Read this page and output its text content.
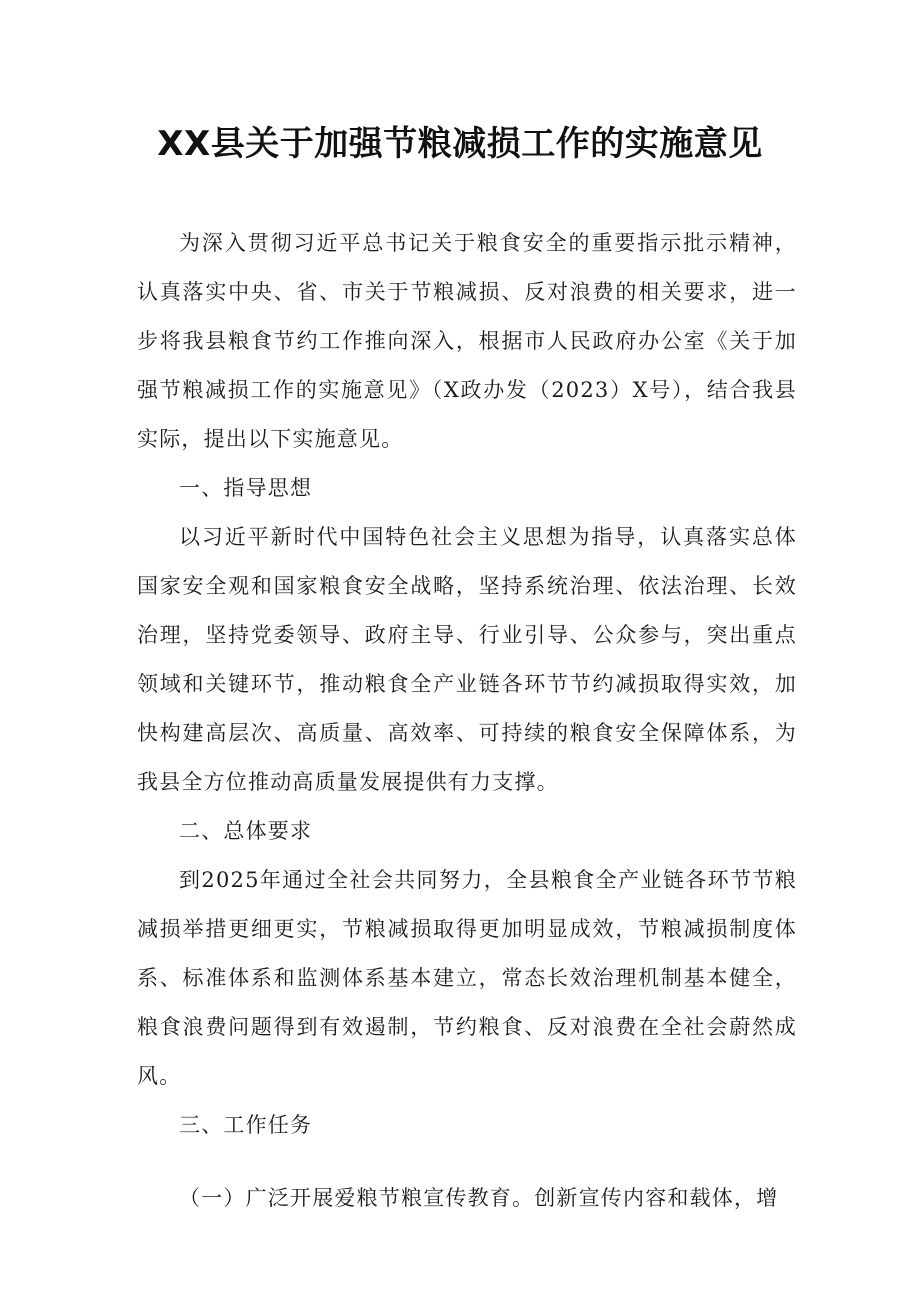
XX县关于加强节粮减损工作的实施意见

为深入贯彻习近平总书记关于粮食安全的重要指示批示精神，认真落实中央、省、市关于节粮减损、反对浪费的相关要求，进一步将我县粮食节约工作推向深入，根据市人民政府办公室《关于加强节粮减损工作的实施意见》（X政办发（2023）X号），结合我县实际，提出以下实施意见。

一、指导思想

以习近平新时代中国特色社会主义思想为指导，认真落实总体国家安全观和国家粮食安全战略，坚持系统治理、依法治理、长效治理，坚持党委领导、政府主导、行业引导、公众参与，突出重点领域和关键环节，推动粮食全产业链各环节节约减损取得实效，加快构建高层次、高质量、高效率、可持续的粮食安全保障体系，为我县全方位推动高质量发展提供有力支撑。

二、总体要求

到2025年通过全社会共同努力，全县粮食全产业链各环节节粮减损举措更细更实，节粮减损取得更加明显成效，节粮减损制度体系、标准体系和监测体系基本建立，常态长效治理机制基本健全，粮食浪费问题得到有效遏制，节约粮食、反对浪费在全社会蔚然成风。

三、工作任务

（一）广泛开展爱粮节粮宣传教育。创新宣传内容和载体，增
